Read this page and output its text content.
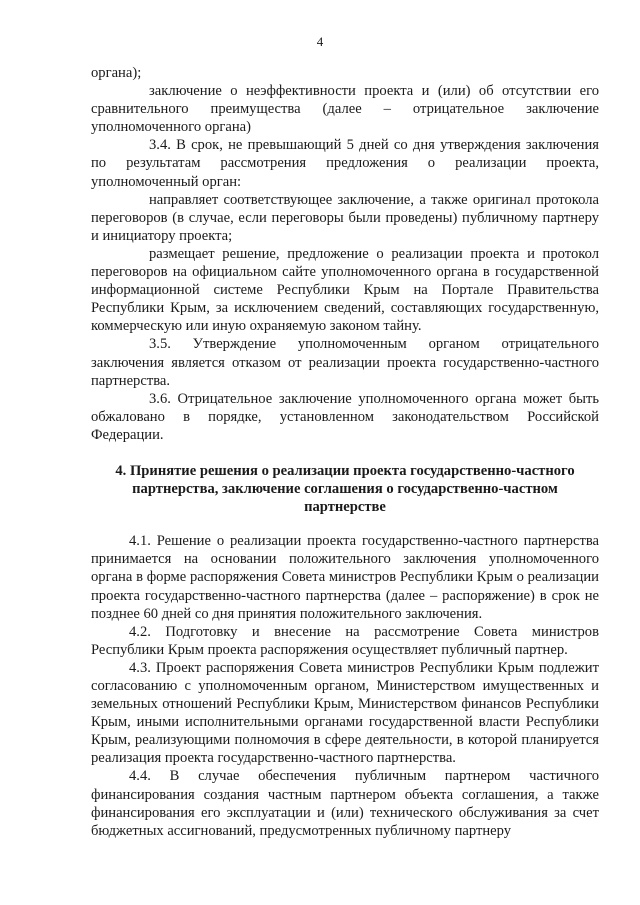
4

органа);

заключение о неэффективности проекта и (или) об отсутствии его сравнительного преимущества (далее – отрицательное заключение уполномоченного органа)

3.4. В срок, не превышающий 5 дней со дня утверждения заключения по результатам рассмотрения предложения о реализации проекта, уполномоченный орган:

направляет соответствующее заключение, а также оригинал протокола переговоров (в случае, если переговоры были проведены) публичному партнеру и инициатору проекта;

размещает решение, предложение о реализации проекта и протокол переговоров на официальном сайте уполномоченного органа в государственной информационной системе Республики Крым на Портале Правительства Республики Крым, за исключением сведений, составляющих государственную, коммерческую или иную охраняемую законом тайну.

3.5. Утверждение уполномоченным органом отрицательного заключения является отказом от реализации проекта государственно-частного партнерства.

3.6. Отрицательное заключение уполномоченного органа может быть обжаловано в порядке, установленном законодательством Российской Федерации.

4. Принятие решения о реализации проекта государственно-частного партнерства, заключение соглашения о государственно-частном партнерстве

4.1. Решение о реализации проекта государственно-частного партнерства принимается на основании положительного заключения уполномоченного органа в форме распоряжения Совета министров Республики Крым о реализации проекта государственно-частного партнерства (далее – распоряжение) в срок не позднее 60 дней со дня принятия положительного заключения.

4.2. Подготовку и внесение на рассмотрение Совета министров Республики Крым проекта распоряжения осуществляет публичный партнер.

4.3. Проект распоряжения Совета министров Республики Крым подлежит согласованию с уполномоченным органом, Министерством имущественных и земельных отношений Республики Крым, Министерством финансов Республики Крым, иными исполнительными органами государственной власти Республики Крым, реализующими полномочия в сфере деятельности, в которой планируется реализация проекта государственно-частного партнерства.

4.4. В случае обеспечения публичным партнером частичного финансирования создания частным партнером объекта соглашения, а также финансирования его эксплуатации и (или) технического обслуживания за счет бюджетных ассигнований, предусмотренных публичному партнеру
